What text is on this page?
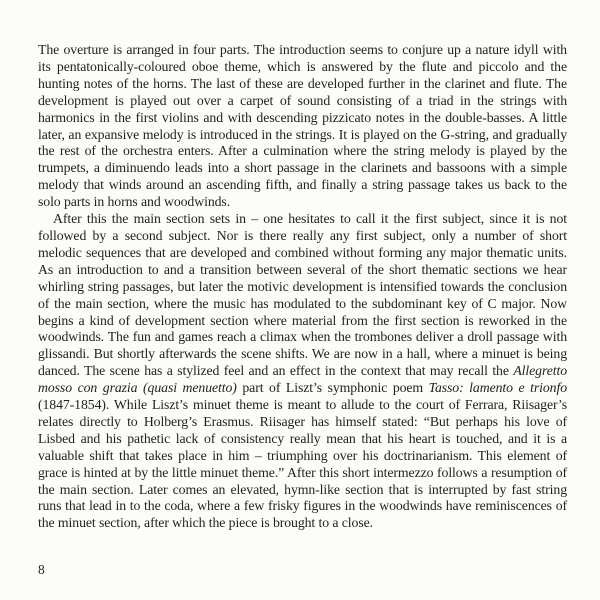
The overture is arranged in four parts. The introduction seems to conjure up a nature idyll with its pentatonically-coloured oboe theme, which is answered by the flute and piccolo and the hunting notes of the horns. The last of these are developed further in the clarinet and flute. The development is played out over a carpet of sound consisting of a triad in the strings with harmonics in the first violins and with descending pizzicato notes in the double-basses. A little later, an expansive melody is introduced in the strings. It is played on the G-string, and gradually the rest of the orchestra enters. After a culmination where the string melody is played by the trumpets, a diminuendo leads into a short passage in the clarinets and bassoons with a simple melody that winds around an ascending fifth, and finally a string passage takes us back to the solo parts in horns and woodwinds.

After this the main section sets in – one hesitates to call it the first subject, since it is not followed by a second subject. Nor is there really any first subject, only a number of short melodic sequences that are developed and combined without forming any major thematic units. As an introduction to and a transition between several of the short thematic sections we hear whirling string passages, but later the motivic development is intensified towards the conclusion of the main section, where the music has modulated to the subdominant key of C major. Now begins a kind of development section where material from the first section is reworked in the woodwinds. The fun and games reach a climax when the trombones deliver a droll passage with glissandi. But shortly afterwards the scene shifts. We are now in a hall, where a minuet is being danced. The scene has a stylized feel and an effect in the context that may recall the Allegretto mosso con grazia (quasi menuetto) part of Liszt’s symphonic poem Tasso: lamento e trionfo (1847-1854). While Liszt’s minuet theme is meant to allude to the court of Ferrara, Riisager’s relates directly to Holberg’s Erasmus. Riisager has himself stated: “But perhaps his love of Lisbed and his pathetic lack of consistency really mean that his heart is touched, and it is a valuable shift that takes place in him – triumphing over his doctrinarianism. This element of grace is hinted at by the little minuet theme.” After this short intermezzo follows a resumption of the main section. Later comes an elevated, hymn-like section that is interrupted by fast string runs that lead in to the coda, where a few frisky figures in the woodwinds have reminiscences of the minuet section, after which the piece is brought to a close.

8
